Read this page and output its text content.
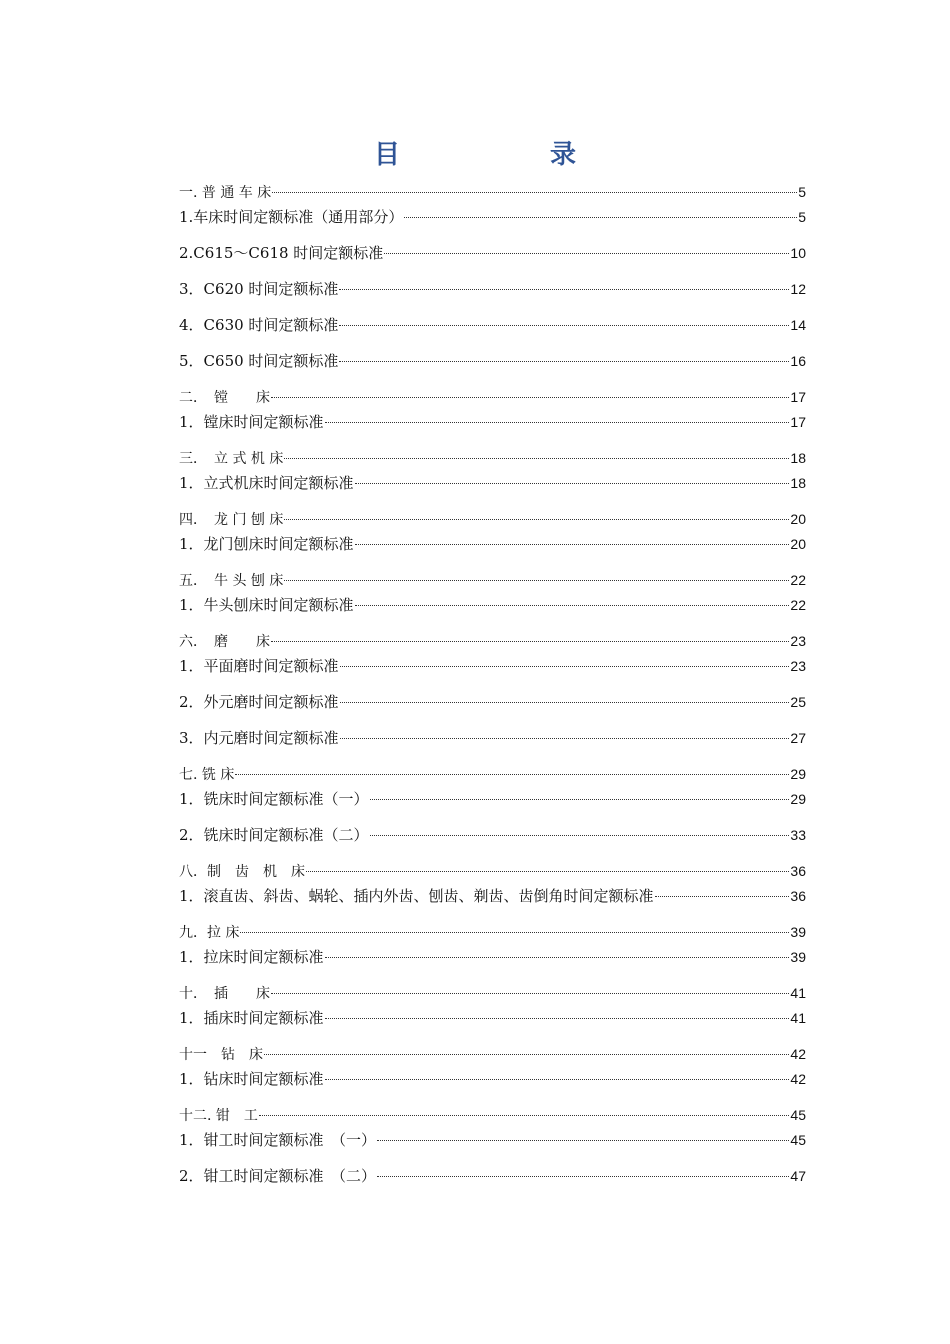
目	录
一. 普 通 车 床	5
1.车床时间定额标准（通用部分）	5
2.C615～C618 时间定额标准	10
3．C620 时间定额标准	12
4．C630 时间定额标准	14
5．C650 时间定额标准	16
二．　镗　　床	17
1．镗床时间定额标准	17
三．　立 式 机 床	18
1．立式机床时间定额标准	18
四．　龙 门 刨 床	20
1．龙门刨床时间定额标准	20
五．　牛 头 刨 床	22
1．牛头刨床时间定额标准	22
六．　磨　　床	23
1．平面磨时间定额标准	23
2．外元磨时间定额标准	25
3．内元磨时间定额标准	27
七. 铣 床	29
1．铣床时间定额标准（一）	29
2．铣床时间定额标准（二）	33
八．制　齿　机　床	36
1．滚直齿、斜齿、蜗轮、插内外齿、刨齿、剃齿、齿倒角时间定额标准	36
九．拉 床	39
1．拉床时间定额标准	39
十．　插　　床	41
1．插床时间定额标准	41
十一　钻　床	42
1．钻床时间定额标准	42
十二. 钳　工	45
1．钳工时间定额标准　（一）	45
2．钳工时间定额标准　（二）	47
